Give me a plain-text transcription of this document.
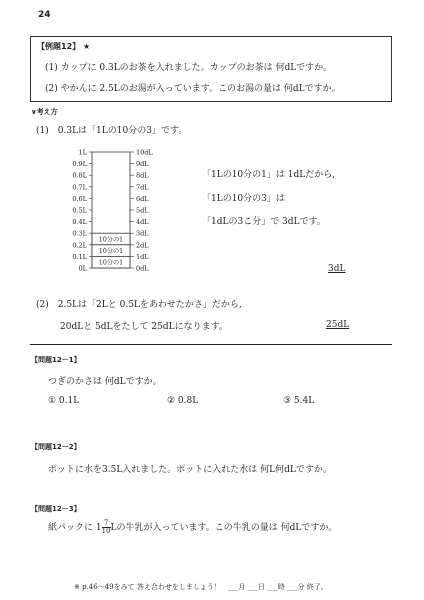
24
【例題12】 ★
(1) カップに 0.3Lのお茶を入れました。カップのお茶は 何dLですか。
(2) やかんに 2.5Lのお湯が入っています。このお湯の量は 何dLですか。
∨考え方
(1)　0.3Lは「1Lの10分の3」です。
1L	10dL
0.9L	9dL
0.8L	8dL
0.7L	7dL
0.6L	6dL
0.5L	5dL
0.4L	4dL
0.3L	3dL
0.2L	2dL
0.1L	1dL
0L	0dL
10分の1
10分の1
10分の1
「1Lの10分の1」は 1dLだから,
「1Lの10分の3」は
「1dLの3こ分」で 3dLです。
3dL
(2)　2.5Lは「2Lと 0.5Lをあわせたかさ」だから,
20dLと 5dLをたして 25dLになります。	25dL
【問題12－1】
つぎのかさは 何dLですか。
① 0.1L	② 0.8L	③ 5.4L
【問題12－2】
ポットに水を3.5L入れました。ポットに入れた水は 何L何dLですか。
【問題12－3】
紙パックに $1 \frac{7}{10}$ Lの牛乳が入っています。この牛乳の量は 何dLですか。
※ p.46～49をみて 答え合わせをしましょう！　___月 ___日 ___時 ___分 終了。
